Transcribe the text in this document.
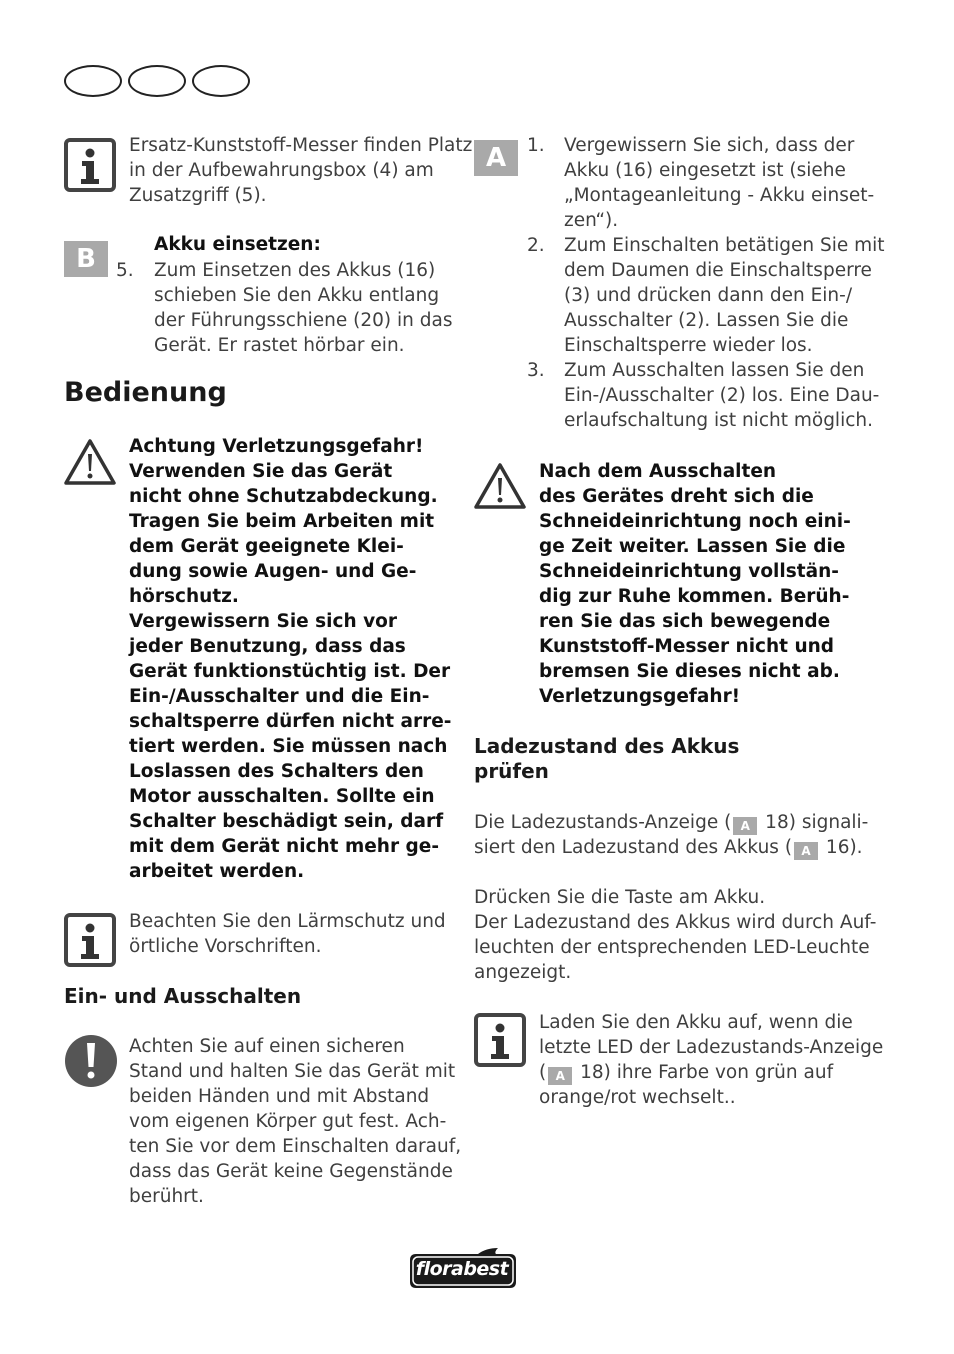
Ersatz-Kunststoff-Messer finden Platz
in der Aufbewahrungsbox (4) am
Zusatzgriff (5).
B	Akku einsetzen:
5. Zum Einsetzen des Akkus (16)
schieben Sie den Akku entlang
der Führungsschiene (20) in das
Gerät. Er rastet hörbar ein.
Bedienung
Achtung Verletzungsgefahr!
Verwenden Sie das Gerät
nicht ohne Schutzabdeckung.
Tragen Sie beim Arbeiten mit
dem Gerät geeignete Klei-
dung sowie Augen- und Ge-
hörschutz.
Vergewissern Sie sich vor
jeder Benutzung, dass das
Gerät funktionstüchtig ist. Der
Ein-/Ausschalter und die Ein-
schaltsperre dürfen nicht arre-
tiert werden. Sie müssen nach
Loslassen des Schalters den
Motor ausschalten. Sollte ein
Schalter beschädigt sein, darf
mit dem Gerät nicht mehr ge-
arbeitet werden.
Beachten Sie den Lärmschutz und
örtliche Vorschriften.
Ein- und Ausschalten
Achten Sie auf einen sicheren
Stand und halten Sie das Gerät mit
beiden Händen und mit Abstand
vom eigenen Körper gut fest. Ach-
ten Sie vor dem Einschalten darauf,
dass das Gerät keine Gegenstände
berührt.
A 1. Vergewissern Sie sich, dass der
Akku (16) eingesetzt ist (siehe
„Montageanleitung - Akku einset-
zen“).
2. Zum Einschalten betätigen Sie mit
dem Daumen die Einschaltsperre
(3) und drücken dann den Ein-/
Ausschalter (2). Lassen Sie die
Einschaltsperre wieder los.
3. Zum Ausschalten lassen Sie den
Ein-/Ausschalter (2) los. Eine Dau-
erlaufschaltung ist nicht möglich.
Nach dem Ausschalten
des Gerätes dreht sich die
Schneideinrichtung noch eini-
ge Zeit weiter. Lassen Sie die
Schneideinrichtung vollstän-
dig zur Ruhe kommen. Berüh-
ren Sie das sich bewegende
Kunststoff-Messer nicht und
bremsen Sie dieses nicht ab.
Verletzungsgefahr!
Ladezustand des Akkus
prüfen
Die Ladezustands-Anzeige ( A 18) signali-
siert den Ladezustand des Akkus ( A 16).
Drücken Sie die Taste am Akku.
Der Ladezustand des Akkus wird durch Auf-
leuchten der entsprechenden LED-Leuchte
angezeigt.
Laden Sie den Akku auf, wenn die
letzte LED der Ladezustands-Anzeige
( A 18) ihre Farbe von grün auf
orange/rot wechselt..
florabest
